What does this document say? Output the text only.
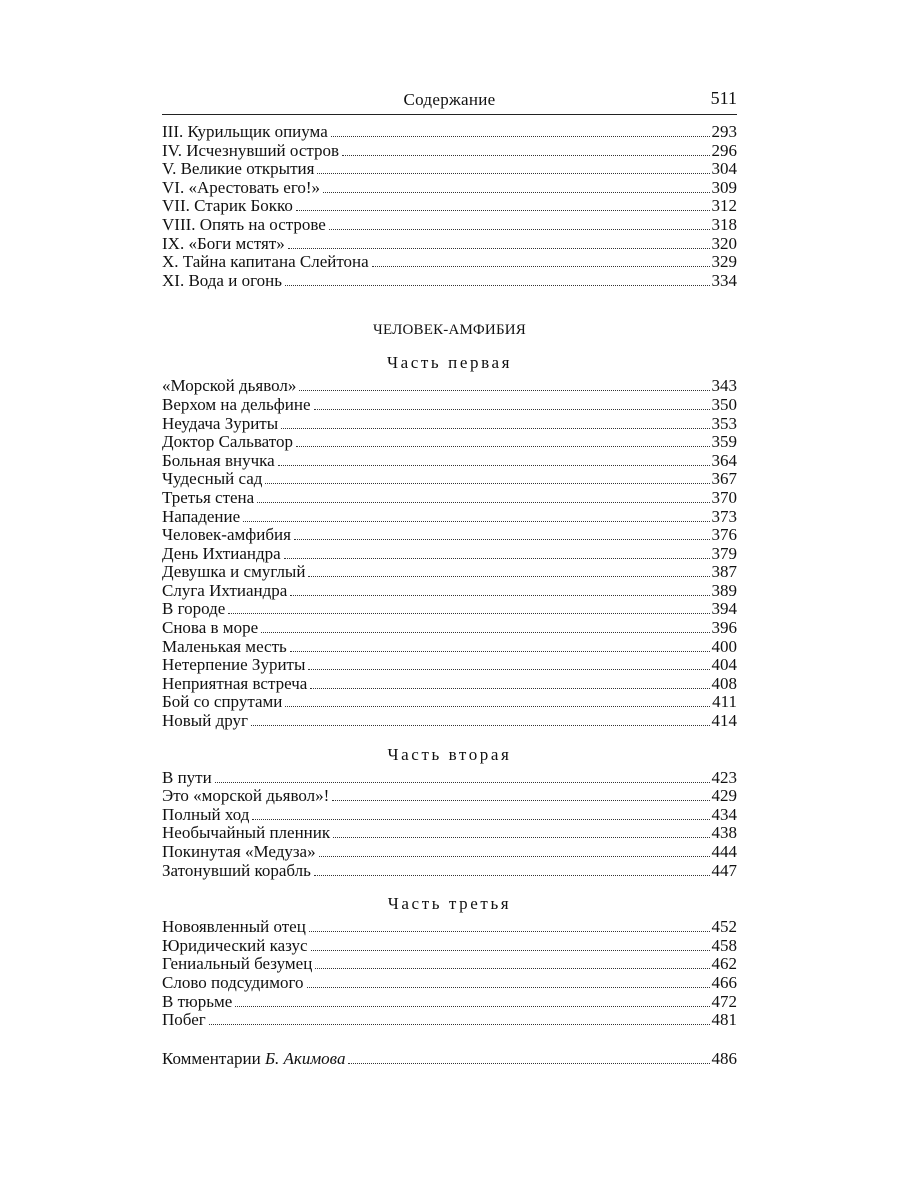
Содержание	511
III. Курильщик опиума	293
IV. Исчезнувший остров	296
V. Великие открытия	304
VI. «Арестовать его!»	309
VII. Старик Бокко	312
VIII. Опять на острове	318
IX. «Боги мстят»	320
X. Тайна капитана Слейтона	329
XI. Вода и огонь	334
ЧЕЛОВЕК-АМФИБИЯ
Часть первая
«Морской дьявол»	343
Верхом на дельфине	350
Неудача Зуриты	353
Доктор Сальватор	359
Больная внучка	364
Чудесный сад	367
Третья стена	370
Нападение	373
Человек-амфибия	376
День Ихтиандра	379
Девушка и смуглый	387
Слуга Ихтиандра	389
В городе	394
Снова в море	396
Маленькая месть	400
Нетерпение Зуриты	404
Неприятная встреча	408
Бой со спрутами	411
Новый друг	414
Часть вторая
В пути	423
Это «морской дьявол»!	429
Полный ход	434
Необычайный пленник	438
Покинутая «Медуза»	444
Затонувший корабль	447
Часть третья
Новоявленный отец	452
Юридический казус	458
Гениальный безумец	462
Слово подсудимого	466
В тюрьме	472
Побег	481
Комментарии Б. Акимова	486
